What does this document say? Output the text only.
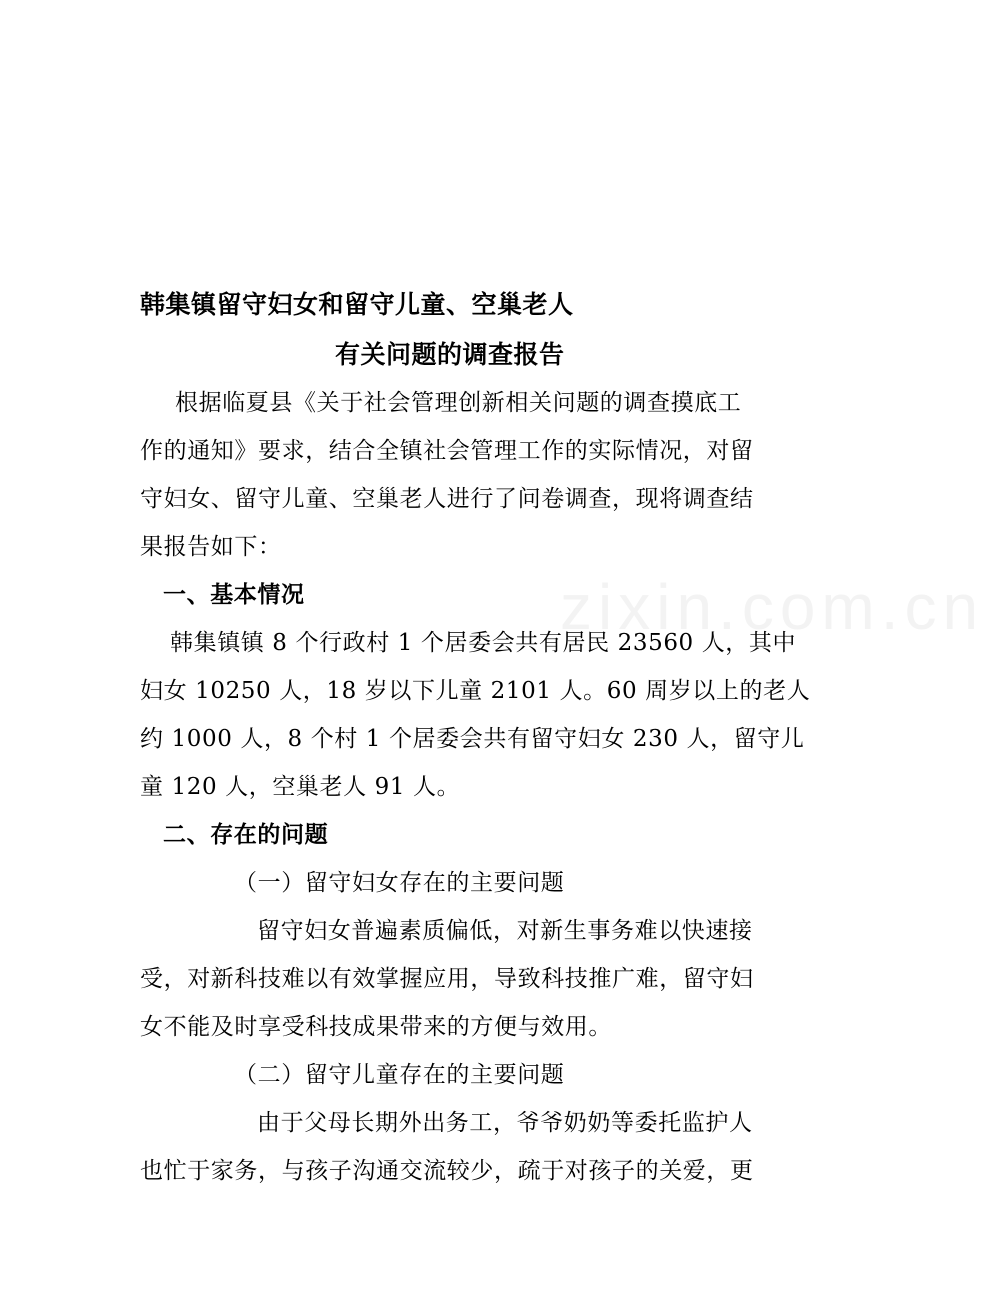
zixin.com.cn
韩集镇留守妇女和留守儿童、空巢老人
有关问题的调查报告
根据临夏县《关于社会管理创新相关问题的调查摸底工
作的通知》要求，结合全镇社会管理工作的实际情况，对留
守妇女、留守儿童、空巢老人进行了问卷调查，现将调查结
果报告如下：
一、基本情况
韩集镇镇 8 个行政村 1 个居委会共有居民 23560 人，其中
妇女 10250 人，18 岁以下儿童 2101 人。60 周岁以上的老人
约 1000 人，8 个村 1 个居委会共有留守妇女 230 人，留守儿
童 120 人，空巢老人 91 人。
二、存在的问题
（一）留守妇女存在的主要问题
留守妇女普遍素质偏低，对新生事务难以快速接
受，对新科技难以有效掌握应用，导致科技推广难，留守妇
女不能及时享受科技成果带来的方便与效用。
（二）留守儿童存在的主要问题
由于父母长期外出务工，爷爷奶奶等委托监护人
也忙于家务，与孩子沟通交流较少，疏于对孩子的关爱，更
